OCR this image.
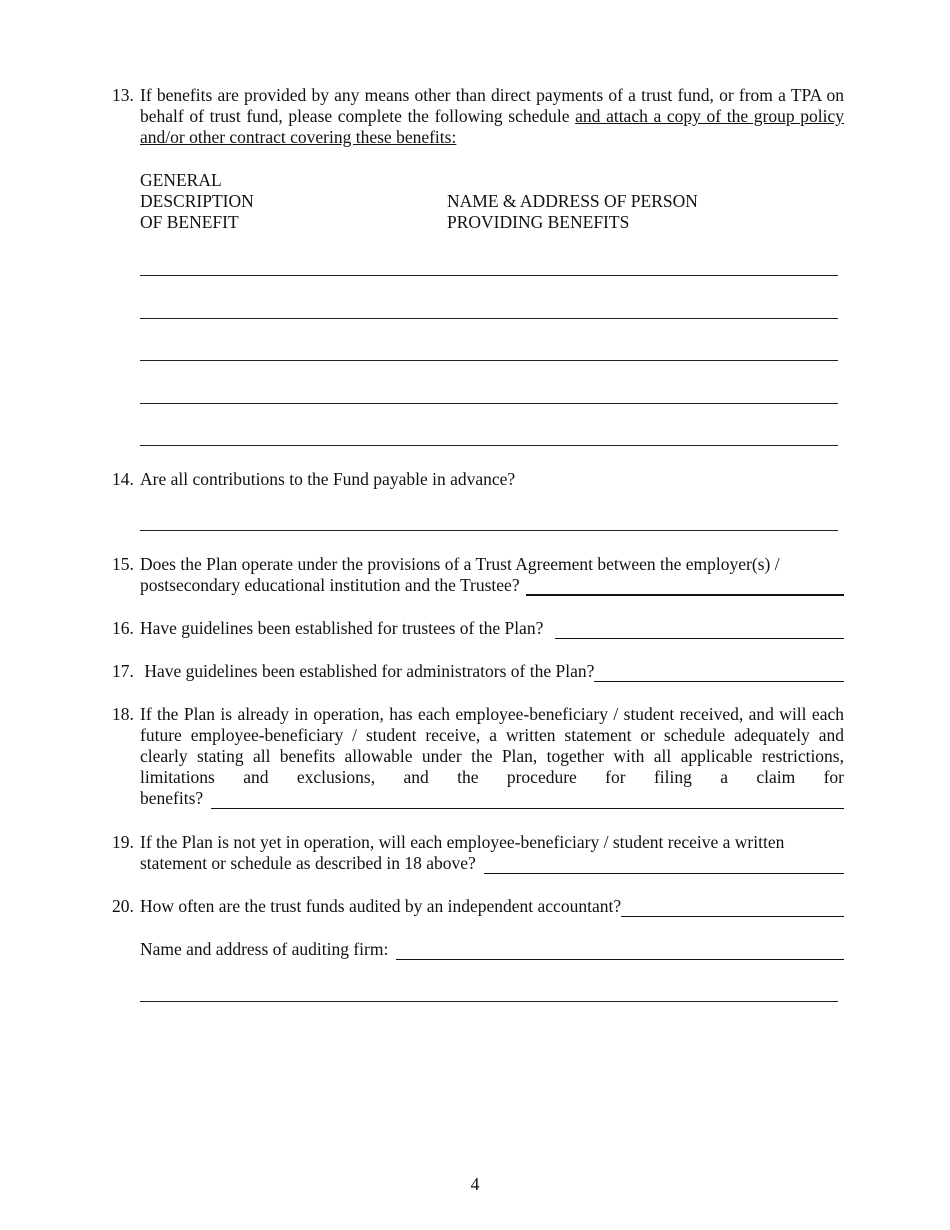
13. If benefits are provided by any means other than direct payments of a trust fund, or from a TPA on behalf of trust fund, please complete the following schedule and attach a copy of the group policy and/or other contract covering these benefits:
GENERAL
DESCRIPTION
OF BENEFIT
NAME & ADDRESS OF PERSON
PROVIDING BENEFITS
14. Are all contributions to the Fund payable in advance?
15. Does the Plan operate under the provisions of a Trust Agreement between the employer(s) /
postsecondary educational institution and the Trustee?
16. Have guidelines been established for trustees of the Plan?
17. Have guidelines been established for administrators of the Plan?
18. If the Plan is already in operation, has each employee-beneficiary / student received, and will each future employee-beneficiary / student receive, a written statement or schedule adequately and clearly stating all benefits allowable under the Plan, together with all applicable restrictions, limitations and exclusions, and the procedure for filing a claim for
benefits?
19. If the Plan is not yet in operation, will each employee-beneficiary / student receive a written
statement or schedule as described in 18 above?
20. How often are the trust funds audited by an independent accountant?
Name and address of auditing firm:
4
